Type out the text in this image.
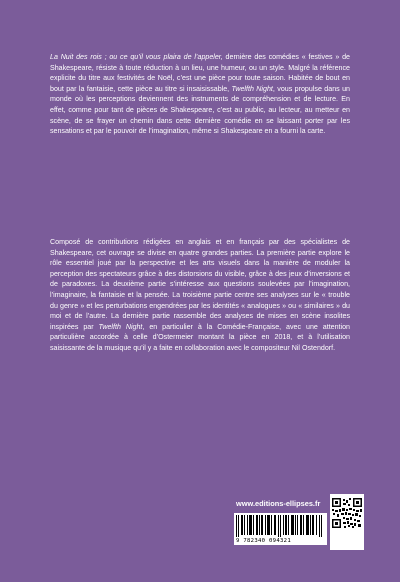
La Nuit des rois ; ou ce qu’il vous plaira de l’appeler, dernière des comédies « festives » de Shakespeare, résiste à toute réduction à un lieu, une humeur, ou un style. Malgré la référence explicite du titre aux festivités de Noël, c’est une pièce pour toute saison. Habitée de bout en bout par la fantaisie, cette pièce au titre si insaisissable, Twelfth Night, vous propulse dans un monde où les perceptions deviennent des instruments de compréhension et de lecture. En effet, comme pour tant de pièces de Shakespeare, c’est au public, au lecteur, au metteur en scène, de se frayer un chemin dans cette dernière comédie en se laissant porter par les sensations et par le pouvoir de l’imagination, même si Shakespeare en a fourni la carte.

Composé de contributions rédigées en anglais et en français par des spécialistes de Shakespeare, cet ouvrage se divise en quatre grandes parties. La première partie explore le rôle essentiel joué par la perspective et les arts visuels dans la manière de moduler la perception des spectateurs grâce à des distorsions du visible, grâce à des jeux d’inversions et de paradoxes. La deuxième partie s’intéresse aux questions soulevées par l’imagination, l’imaginaire, la fantaisie et la pensée. La troisième partie centre ses analyses sur le « trouble du genre » et les perturbations engendrées par les identités « analogues » ou « similaires » du moi et de l’autre. La dernière partie rassemble des analyses de mises en scène insolites inspirées par Twelfth Night, en particulier à la Comédie-Française, avec une attention particulière accordée à celle d’Ostermeier montant la pièce en 2018, et à l’utilisation saisissante de la musique qu’il y a faite en collaboration avec le compositeur Nil Ostendorf.

www.editions-ellipses.fr
9 782340 094321
